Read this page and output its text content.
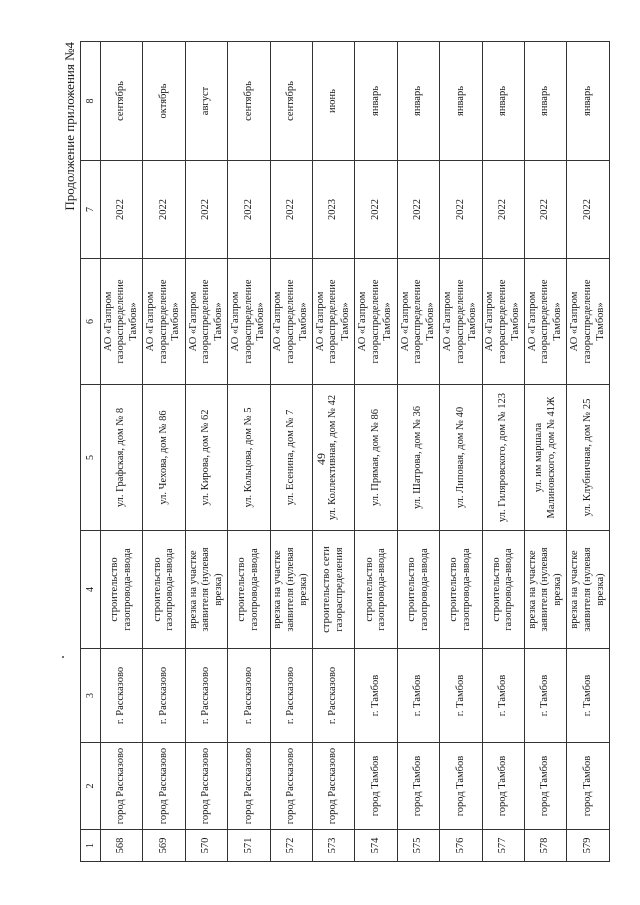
49
Продолжение приложения №4
1	2	3	4	5	6	7	8
568	город Рассказово	г. Рассказово	строительство газопровода-ввода	ул. Графская, дом № 8	АО «Газпром газораспределение Тамбов»	2022	сентябрь
569	город Рассказово	г. Рассказово	строительство газопровода-ввода	ул. Чехова, дом № 86	АО «Газпром газораспределение Тамбов»	2022	октябрь
570	город Рассказово	г. Рассказово	врезка на участке заявителя (нулевая врезка)	ул. Кирова, дом № 62	АО «Газпром газораспределение Тамбов»	2022	август
571	город Рассказово	г. Рассказово	строительство газопровода-ввода	ул. Кольцова, дом № 5	АО «Газпром газораспределение Тамбов»	2022	сентябрь
572	город Рассказово	г. Рассказово	врезка на участке заявителя (нулевая врезка)	ул. Есенина, дом № 7	АО «Газпром газораспределение Тамбов»	2022	сентябрь
573	город Рассказово	г. Рассказово	строительство сети газораспределения	ул. Коллективная, дом № 42	АО «Газпром газораспределение Тамбов»	2023	июнь
574	город Тамбов	г. Тамбов	строительство газопровода-ввода	ул. Прямая, дом № 86	АО «Газпром газораспределение Тамбов»	2022	январь
575	город Тамбов	г. Тамбов	строительство газопровода-ввода	ул. Шатрова, дом № 36	АО «Газпром газораспределение Тамбов»	2022	январь
576	город Тамбов	г. Тамбов	строительство газопровода-ввода	ул. Липовая, дом № 40	АО «Газпром газораспределение Тамбов»	2022	январь
577	город Тамбов	г. Тамбов	строительство газопровода-ввода	ул. Гиляровского, дом № 123	АО «Газпром газораспределение Тамбов»	2022	январь
578	город Тамбов	г. Тамбов	врезка на участке заявителя (нулевая врезка)	ул. им маршала Малиновского, дом № 41Ж	АО «Газпром газораспределение Тамбов»	2022	январь
579	город Тамбов	г. Тамбов	врезка на участке заявителя (нулевая врезка)	ул. Клубничная, дом № 25	АО «Газпром газораспределение Тамбов»	2022	январь
